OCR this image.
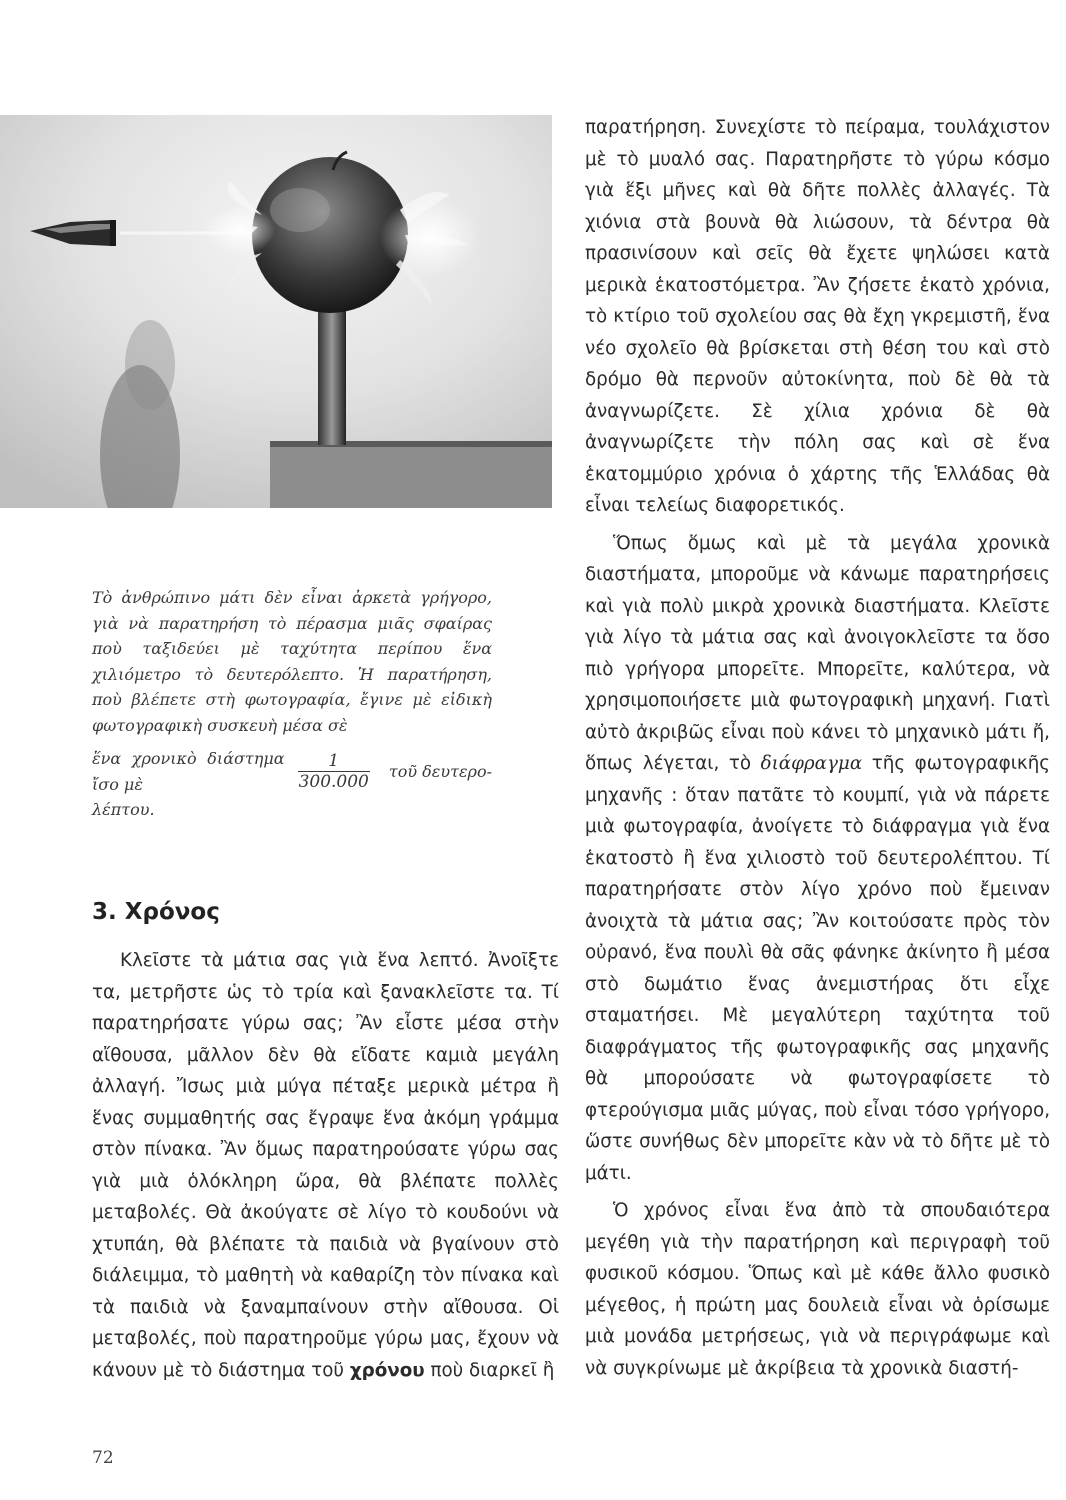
Τὸ ἀνθρώπινο μάτι δὲν εἶναι ἀρκετὰ γρήγορο, γιὰ νὰ παρατηρήση τὸ πέρασμα μιᾶς σφαίρας ποὺ ταξιδεύει μὲ ταχύτητα περίπου ἕνα χιλιόμετρο τὸ δευτερόλεπτο. Ἡ παρατήρηση, ποὺ βλέπετε στὴ φωτογραφία, ἔγινε μὲ εἰδικὴ φωτογραφικὴ συσκευὴ μέσα σὲ

ἕνα χρονικὸ διάστημα ἴσο μὲ	$\frac{1}{300.000}$ τοῦ δευτερο-

λέπτου.

3. Χρόνος

Κλεῖστε τὰ μάτια σας γιὰ ἕνα λεπτό. Ἀνοῖξτε τα, μετρῆστε ὡς τὸ τρία καὶ ξανακλεῖστε τα. Τί παρατηρήσατε γύρω σας; Ἂν εἶστε μέσα στὴν αἴθουσα, μᾶλλον δὲν θὰ εἴδατε καμιὰ μεγάλη ἀλλαγή. Ἴσως μιὰ μύγα πέταξε μερικὰ μέτρα ἢ ἕνας συμμαθητής σας ἔγραψε ἕνα ἀκόμη γράμμα στὸν πίνακα. Ἂν ὅμως παρατηρούσατε γύρω σας γιὰ μιὰ ὁλόκληρη ὥρα, θὰ βλέπατε πολλὲς μεταβολές. Θὰ ἀκούγατε σὲ λίγο τὸ κουδούνι νὰ χτυπάη, θὰ βλέπατε τὰ παιδιὰ νὰ βγαίνουν στὸ διάλειμμα, τὸ μαθητὴ νὰ καθαρίζη τὸν πίνακα καὶ τὰ παιδιὰ νὰ ξαναμπαίνουν στὴν αἴθουσα. Οἱ μεταβολές, ποὺ παρατηροῦμε γύρω μας, ἔχουν νὰ κάνουν μὲ τὸ διάστημα τοῦ χρόνου ποὺ διαρκεῖ ἢ

παρατήρηση. Συνεχίστε τὸ πείραμα, τουλάχιστον μὲ τὸ μυαλό σας. Παρατηρῆστε τὸ γύρω κόσμο γιὰ ἕξι μῆνες καὶ θὰ δῆτε πολλὲς ἀλλαγές. Τὰ χιόνια στὰ βουνὰ θὰ λιώσουν, τὰ δέντρα θὰ πρασινίσουν καὶ σεῖς θὰ ἔχετε ψηλώσει κατὰ μερικὰ ἑκατοστόμετρα. Ἂν ζήσετε ἑκατὸ χρόνια, τὸ κτίριο τοῦ σχολείου σας θὰ ἔχη γκρεμιστῆ, ἕνα νέο σχολεῖο θὰ βρίσκεται στὴ θέση του καὶ στὸ δρόμο θὰ περνοῦν αὐτοκίνητα, ποὺ δὲ θὰ τὰ ἀναγνωρίζετε. Σὲ χίλια χρόνια δὲ θὰ ἀναγνωρίζετε τὴν πόλη σας καὶ σὲ ἕνα ἑκατομμύριο χρόνια ὁ χάρτης τῆς Ἑλλάδας θὰ εἶναι τελείως διαφορετικός.

Ὅπως ὅμως καὶ μὲ τὰ μεγάλα χρονικὰ διαστήματα, μποροῦμε νὰ κάνωμε παρατηρήσεις καὶ γιὰ πολὺ μικρὰ χρονικὰ διαστήματα. Κλεῖστε γιὰ λίγο τὰ μάτια σας καὶ ἀνοιγοκλεῖστε τα ὅσο πιὸ γρήγορα μπορεῖτε. Μπορεῖτε, καλύτερα, νὰ χρησιμοποιήσετε μιὰ φωτογραφικὴ μηχανή. Γιατὶ αὐτὸ ἀκριβῶς εἶναι ποὺ κάνει τὸ μηχανικὸ μάτι ἤ, ὅπως λέγεται, τὸ διάφραγμα τῆς φωτογραφικῆς μηχανῆς : ὅταν πατᾶτε τὸ κουμπί, γιὰ νὰ πάρετε μιὰ φωτογραφία, ἀνοίγετε τὸ διάφραγμα γιὰ ἕνα ἑκατοστὸ ἢ ἕνα χιλιοστὸ τοῦ δευτερολέπτου. Τί παρατηρήσατε στὸν λίγο χρόνο ποὺ ἔμειναν ἀνοιχτὰ τὰ μάτια σας; Ἂν κοιτούσατε πρὸς τὸν οὐρανό, ἕνα πουλὶ θὰ σᾶς φάνηκε ἀκίνητο ἢ μέσα στὸ δωμάτιο ἕνας ἀνεμιστήρας ὅτι εἶχε σταματήσει. Μὲ μεγαλύτερη ταχύτητα τοῦ διαφράγματος τῆς φωτογραφικῆς σας μηχανῆς θὰ μπορούσατε νὰ φωτογραφίσετε τὸ φτερούγισμα μιᾶς μύγας, ποὺ εἶναι τόσο γρήγορο, ὥστε συνήθως δὲν μπορεῖτε κὰν νὰ τὸ δῆτε μὲ τὸ μάτι.

Ὁ χρόνος εἶναι ἕνα ἀπὸ τὰ σπουδαιότερα μεγέθη γιὰ τὴν παρατήρηση καὶ περιγραφὴ τοῦ φυσικοῦ κόσμου. Ὅπως καὶ μὲ κάθε ἄλλο φυσικὸ μέγεθος, ἡ πρώτη μας δουλειὰ εἶναι νὰ ὁρίσωμε μιὰ μονάδα μετρήσεως, γιὰ νὰ περιγράφωμε καὶ νὰ συγκρίνωμε μὲ ἀκρίβεια τὰ χρονικὰ διαστή-

72
